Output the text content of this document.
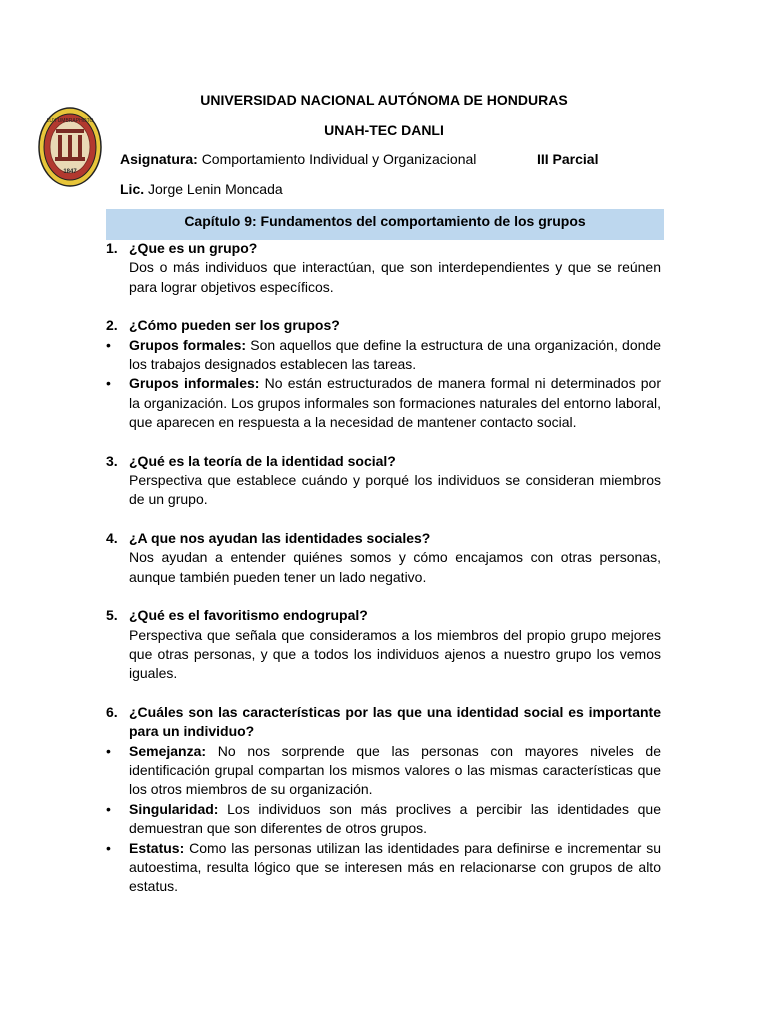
LUX UMBRAPHOTO
1847
UNIVERSIDAD NACIONAL AUTÓNOMA DE HONDURAS
UNAH-TEC DANLI
Asignatura: Comportamiento Individual y Organizacional	III Parcial
Lic. Jorge Lenin Moncada
Capítulo 9: Fundamentos del comportamiento de los grupos
1. ¿Que es un grupo?
Dos o más individuos que interactúan, que son interdependientes y que se reúnen para lograr objetivos específicos.
2. ¿Cómo pueden ser los grupos?
• Grupos formales: Son aquellos que define la estructura de una organización, donde los trabajos designados establecen las tareas.
• Grupos informales: No están estructurados de manera formal ni determinados por la organización. Los grupos informales son formaciones naturales del entorno laboral, que aparecen en respuesta a la necesidad de mantener contacto social.
3. ¿Qué es la teoría de la identidad social?
Perspectiva que establece cuándo y porqué los individuos se consideran miembros de un grupo.
4. ¿A que nos ayudan las identidades sociales?
Nos ayudan a entender quiénes somos y cómo encajamos con otras personas, aunque también pueden tener un lado negativo.
5. ¿Qué es el favoritismo endogrupal?
Perspectiva que señala que consideramos a los miembros del propio grupo mejores que otras personas, y que a todos los individuos ajenos a nuestro grupo los vemos iguales.
6. ¿Cuáles son las características por las que una identidad social es importante para un individuo?
• Semejanza: No nos sorprende que las personas con mayores niveles de identificación grupal compartan los mismos valores o las mismas características que los otros miembros de su organización.
• Singularidad: Los individuos son más proclives a percibir las identidades que demuestran que son diferentes de otros grupos.
• Estatus: Como las personas utilizan las identidades para definirse e incrementar su autoestima, resulta lógico que se interesen más en relacionarse con grupos de alto estatus.
